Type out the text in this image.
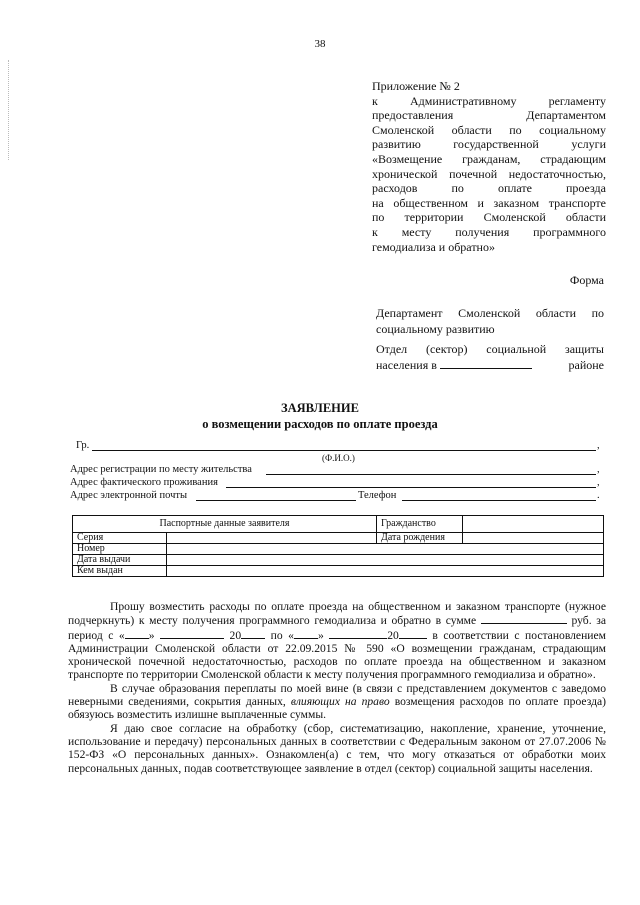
38
Приложение № 2
к Административному регламенту
предоставления Департаментом
Смоленской области по социальному
развитию государственной услуги
«Возмещение гражданам, страдающим
хронической почечной недостаточностью,
расходов по оплате проезда
на общественном и заказном транспорте
по территории Смоленской области
к месту получения программного
гемодиализа и обратно»
Форма
Департамент Смоленской области по
социальному развитию
Отдел (сектор) социальной защиты
населения в	районе
ЗАЯВЛЕНИЕ
о возмещении расходов по оплате проезда
Гр.	,
(Ф.И.О.)
Адрес регистрации по месту жительства	,
Адрес фактического проживания	,
Адрес электронной почты	Телефон	.
Паспортные данные заявителя		Гражданство	
Серия		Дата рождения	
Номер			
Дата выдачи			
Кем выдан			

Прошу возместить расходы по оплате проезда на общественном и заказном транспорте (нужное подчеркнуть) к месту получения программного гемодиализа и обратно в сумме	руб. за период с « »	20	по « »	20	в соответствии с постановлением Администрации Смоленской области от 22.09.2015 № 590 «О возмещении гражданам, страдающим хронической почечной недостаточностью, расходов по оплате проезда на общественном и заказном транспорте по территории Смоленской области к месту получения программного гемодиализа и обратно».

В случае образования переплаты по моей вине (в связи с представлением документов с заведомо неверными сведениями, сокрытия данных, влияющих на право возмещения расходов по оплате проезда) обязуюсь возместить излишне выплаченные суммы.

Я даю свое согласие на обработку (сбор, систематизацию, накопление, хранение, уточнение, использование и передачу) персональных данных в соответствии с Федеральным законом от 27.07.2006 № 152-ФЗ «О персональных данных». Ознакомлен(а) с тем, что могу отказаться от обработки моих персональных данных, подав соответствующее заявление в отдел (сектор) социальной защиты населения.
